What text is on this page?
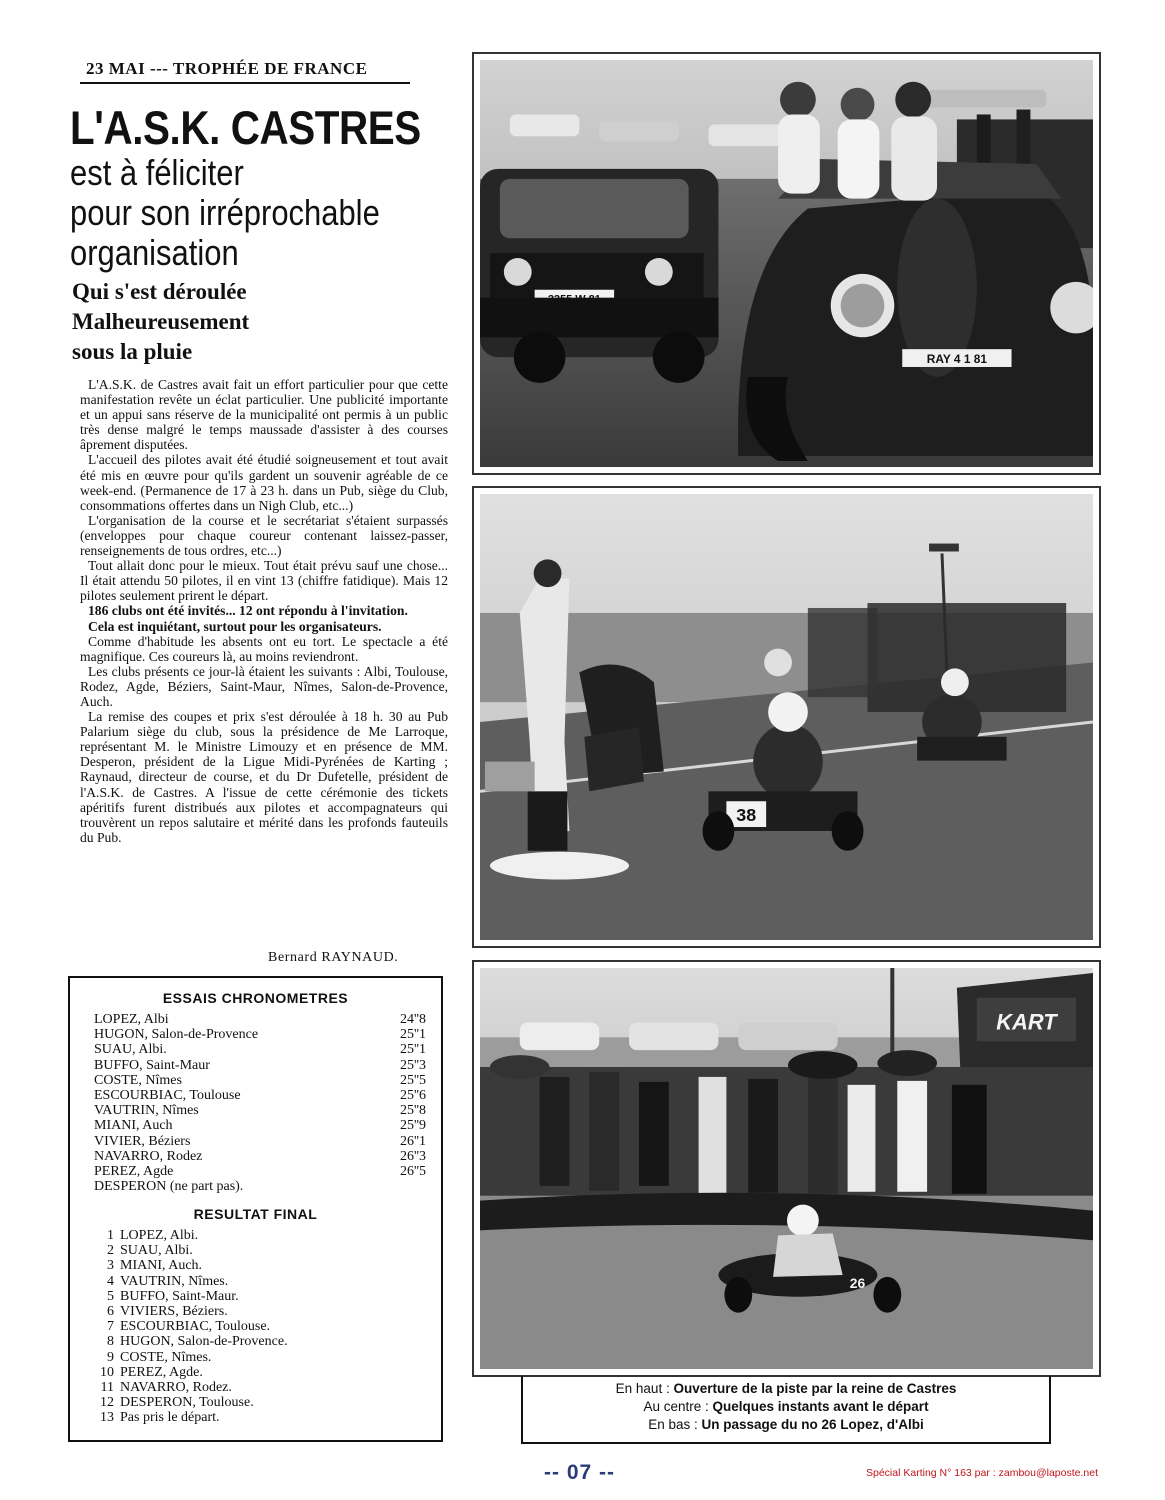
23 MAI --- TROPHÉE DE FRANCE
L'A.S.K. CASTRES
est à féliciter
pour son irréprochable
organisation
Qui s'est déroulée
Malheureusement
sous la pluie

L'A.S.K. de Castres avait fait un effort particulier pour que cette manifestation revête un éclat particulier. Une publicité importante et un appui sans réserve de la municipalité ont permis à un public très dense malgré le temps maussade d'assister à des courses âprement disputées.

L'accueil des pilotes avait été étudié soigneusement et tout avait été mis en œuvre pour qu'ils gardent un souvenir agréable de ce week-end. (Permanence de 17 à 23 h. dans un Pub, siège du Club, consommations offertes dans un Nigh Club, etc...)

L'organisation de la course et le secrétariat s'étaient surpassés (enveloppes pour chaque coureur contenant laissez-passer, renseignements de tous ordres, etc...)

Tout allait donc pour le mieux. Tout était prévu sauf une chose... Il était attendu 50 pilotes, il en vint 13 (chiffre fatidique). Mais 12 pilotes seulement prirent le départ.

186 clubs ont été invités... 12 ont répondu à l'invitation.

Cela est inquiétant, surtout pour les organisateurs.

Comme d'habitude les absents ont eu tort. Le spectacle a été magnifique. Ces coureurs là, au moins reviendront.

Les clubs présents ce jour-là étaient les suivants : Albi, Toulouse, Rodez, Agde, Béziers, Saint-Maur, Nîmes, Salon-de-Provence, Auch.

La remise des coupes et prix s'est déroulée à 18 h. 30 au Pub Palarium siège du club, sous la présidence de Me Larroque, représentant M. le Ministre Limouzy et en présence de MM. Desperon, président de la Ligue Midi-Pyrénées de Karting ; Raynaud, directeur de course, et du Dr Dufetelle, président de l'A.S.K. de Castres. A l'issue de cette cérémonie des tickets apéritifs furent distribués aux pilotes et accompagnateurs qui trouvèrent un repos salutaire et mérité dans les profonds fauteuils du Pub.

Bernard RAYNAUD.
ESSAIS CHRONOMETRES
LOPEZ, Albi	24''8
HUGON, Salon-de-Provence	25''1
SUAU, Albi.	25''1
BUFFO, Saint-Maur	25''3
COSTE, Nîmes	25''5
ESCOURBIAC, Toulouse	25''6
VAUTRIN, Nîmes	25''8
MIANI, Auch	25''9
VIVIER, Béziers	26''1
NAVARRO, Rodez	26''3
PEREZ, Agde	26''5
DESPERON (ne part pas).
RESULTAT FINAL
1 LOPEZ, Albi.
2 SUAU, Albi.
3 MIANI, Auch.
4 VAUTRIN, Nîmes.
5 BUFFO, Saint-Maur.
6 VIVIERS, Béziers.
7 ESCOURBIAC, Toulouse.
8 HUGON, Salon-de-Provence.
9 COSTE, Nîmes.
10 PEREZ, Agde.
11 NAVARRO, Rodez.
12 DESPERON, Toulouse.
13 Pas pris le départ.
RAY 4 1 81
38
KART
26
En haut : Ouverture de la piste par la reine de Castres
Au centre : Quelques instants avant le départ
En bas : Un passage du no 26 Lopez, d'Albi
-- 07 --	Spécial Karting N° 163 par : zambou@laposte.net
